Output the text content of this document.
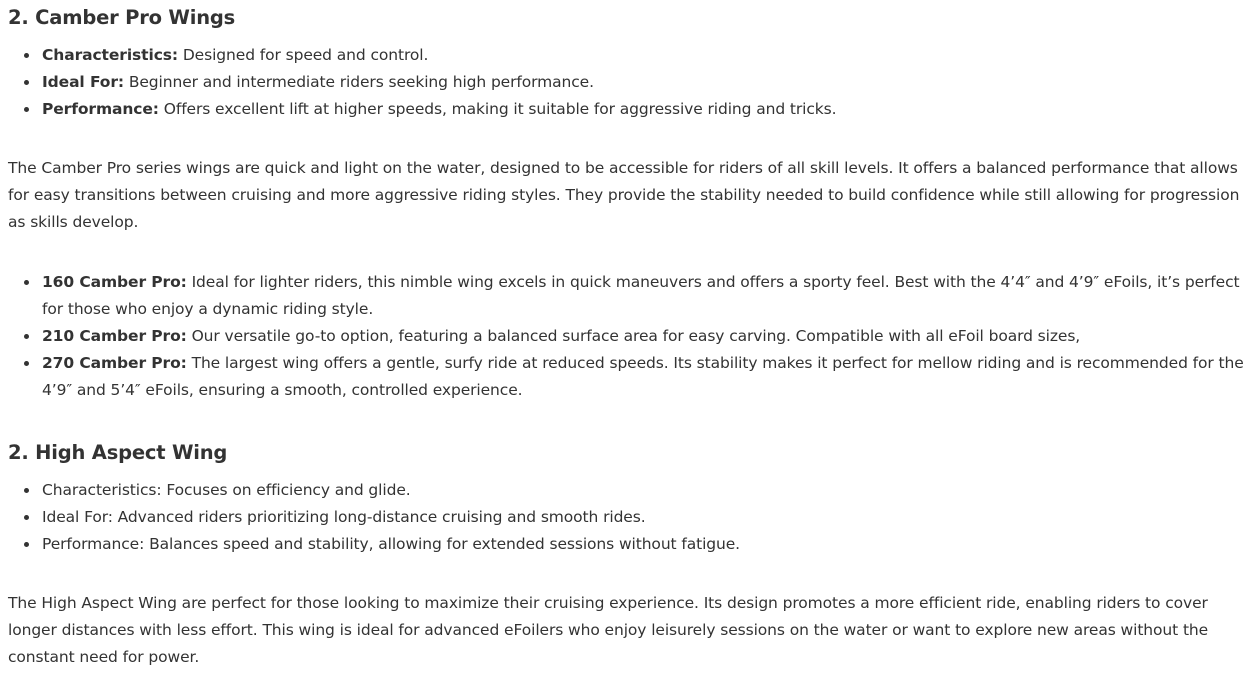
2. Camber Pro Wings
Characteristics: Designed for speed and control.
Ideal For: Beginner and intermediate riders seeking high performance.
Performance: Offers excellent lift at higher speeds, making it suitable for aggressive riding and tricks.

The Camber Pro series wings are quick and light on the water, designed to be accessible for riders of all skill levels. It offers a balanced performance that allows for easy transitions between cruising and more aggressive riding styles. They provide the stability needed to build confidence while still allowing for progression as skills develop.

160 Camber Pro: Ideal for lighter riders, this nimble wing excels in quick maneuvers and offers a sporty feel. Best with the 4’4″ and 4’9″ eFoils, it’s perfect for those who enjoy a dynamic riding style.
210 Camber Pro: Our versatile go-to option, featuring a balanced surface area for easy carving. Compatible with all eFoil board sizes,
270 Camber Pro: The largest wing offers a gentle, surfy ride at reduced speeds. Its stability makes it perfect for mellow riding and is recommended for the 4’9″ and 5’4″ eFoils, ensuring a smooth, controlled experience.
2. High Aspect Wing
Characteristics: Focuses on efficiency and glide.
Ideal For: Advanced riders prioritizing long-distance cruising and smooth rides.
Performance: Balances speed and stability, allowing for extended sessions without fatigue.

The High Aspect Wing are perfect for those looking to maximize their cruising experience. Its design promotes a more efficient ride, enabling riders to cover longer distances with less effort. This wing is ideal for advanced eFoilers who enjoy leisurely sessions on the water or want to explore new areas without the constant need for power.
